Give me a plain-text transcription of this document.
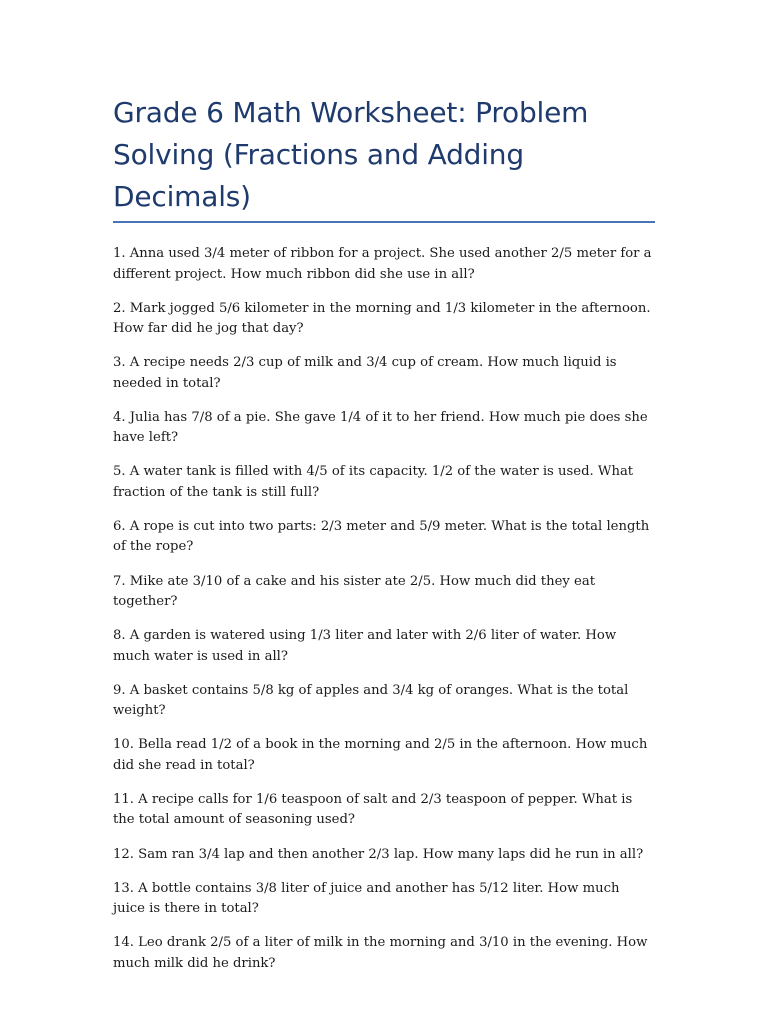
Grade 6 Math Worksheet: Problem Solving (Fractions and Adding Decimals)
1. Anna used 3/4 meter of ribbon for a project. She used another 2/5 meter for a different project. How much ribbon did she use in all?
2. Mark jogged 5/6 kilometer in the morning and 1/3 kilometer in the afternoon. How far did he jog that day?
3. A recipe needs 2/3 cup of milk and 3/4 cup of cream. How much liquid is needed in total?
4. Julia has 7/8 of a pie. She gave 1/4 of it to her friend. How much pie does she have left?
5. A water tank is filled with 4/5 of its capacity. 1/2 of the water is used. What fraction of the tank is still full?
6. A rope is cut into two parts: 2/3 meter and 5/9 meter. What is the total length of the rope?
7. Mike ate 3/10 of a cake and his sister ate 2/5. How much did they eat together?
8. A garden is watered using 1/3 liter and later with 2/6 liter of water. How much water is used in all?
9. A basket contains 5/8 kg of apples and 3/4 kg of oranges. What is the total weight?
10. Bella read 1/2 of a book in the morning and 2/5 in the afternoon. How much did she read in total?
11. A recipe calls for 1/6 teaspoon of salt and 2/3 teaspoon of pepper. What is the total amount of seasoning used?
12. Sam ran 3/4 lap and then another 2/3 lap. How many laps did he run in all?
13. A bottle contains 3/8 liter of juice and another has 5/12 liter. How much juice is there in total?
14. Leo drank 2/5 of a liter of milk in the morning and 3/10 in the evening. How much milk did he drink?
